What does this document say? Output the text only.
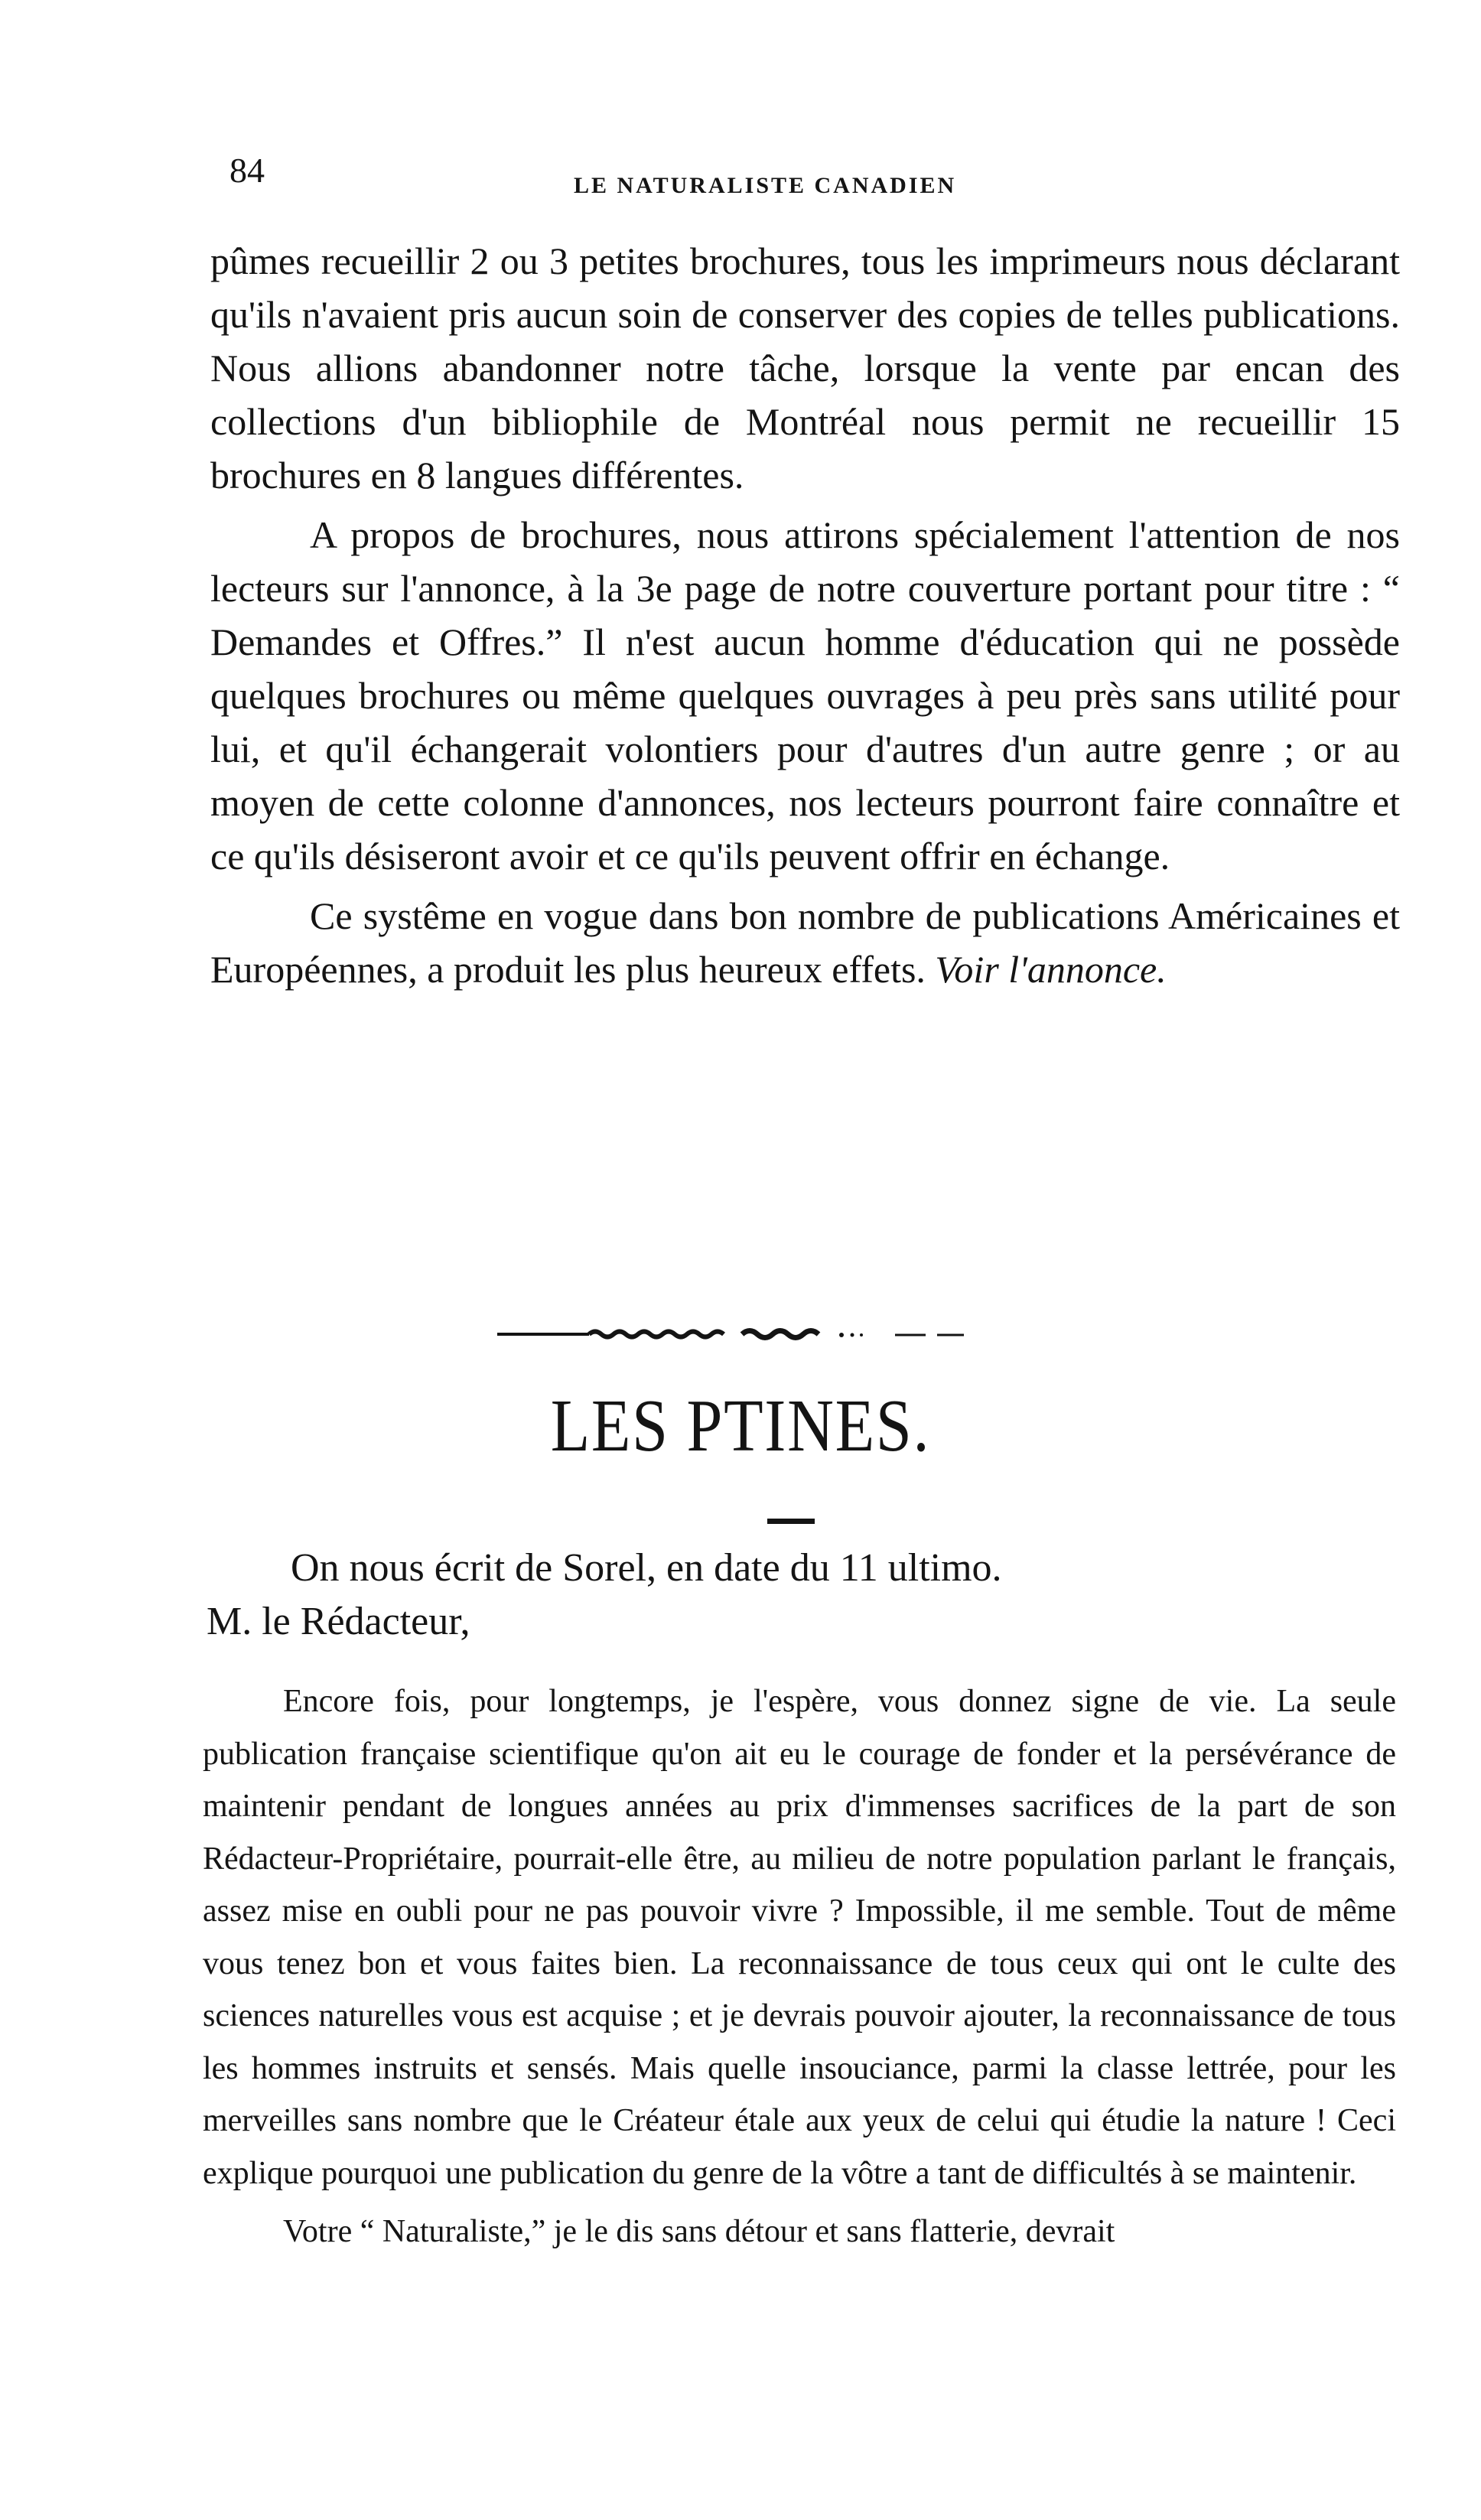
84	LE NATURALISTE CANADIEN

pûmes recueillir 2 ou 3 petites brochures, tous les imprimeurs nous déclarant qu'ils n'avaient pris aucun soin de conserver des copies de telles publications. Nous allions abandonner notre tâche, lorsque la vente par encan des collections d'un bibliophile de Montréal nous permit ne recueillir 15 brochures en 8 langues différentes.

A propos de brochures, nous attirons spécialement l'attention de nos lecteurs sur l'annonce, à la 3e page de notre couverture portant pour titre : “ Demandes et Offres.” Il n'est aucun homme d'éducation qui ne possède quelques brochures ou même quelques ouvrages à peu près sans utilité pour lui, et qu'il échangerait volontiers pour d'autres d'un autre genre ; or au moyen de cette colonne d'annonces, nos lecteurs pourront faire connaître et ce qu'ils désiseront avoir et ce qu'ils peuvent offrir en échange.

Ce systême en vogue dans bon nombre de publications Américaines et Européennes, a produit les plus heureux effets. Voir l'annonce.

LES PTINES.
On nous écrit de Sorel, en date du 11 ultimo.
M. le Rédacteur,

Encore fois, pour longtemps, je l'espère, vous donnez signe de vie. La seule publication française scientifique qu'on ait eu le courage de fonder et la persévérance de maintenir pendant de longues années au prix d'immenses sacrifices de la part de son Rédacteur-Propriétaire, pourrait-elle être, au milieu de notre population parlant le français, assez mise en oubli pour ne pas pouvoir vivre ? Impossible, il me semble. Tout de même vous tenez bon et vous faites bien. La reconnaissance de tous ceux qui ont le culte des sciences naturelles vous est acquise ; et je devrais pouvoir ajouter, la reconnaissance de tous les hommes instruits et sensés. Mais quelle insouciance, parmi la classe lettrée, pour les merveilles sans nombre que le Créateur étale aux yeux de celui qui étudie la nature ! Ceci explique pourquoi une publication du genre de la vôtre a tant de difficultés à se maintenir.

Votre “ Naturaliste,” je le dis sans détour et sans flatterie, devrait
